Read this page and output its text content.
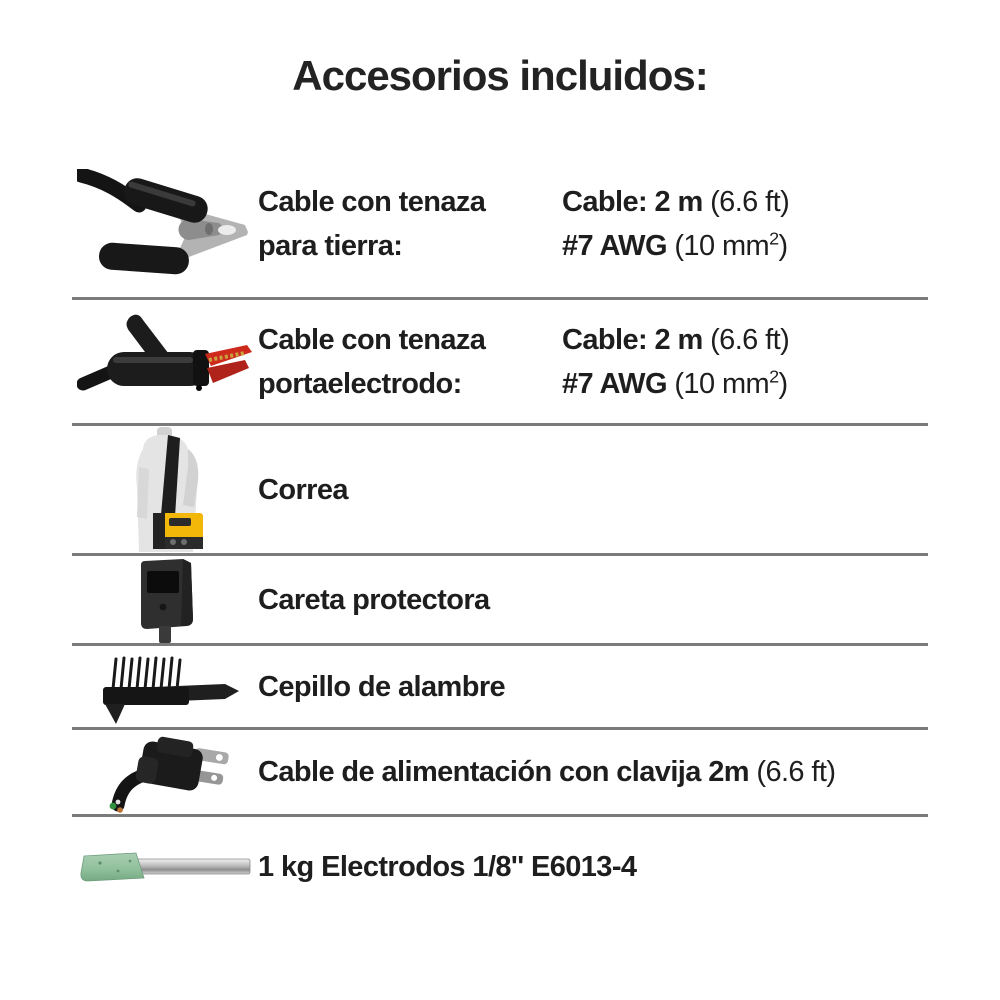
Accesorios incluidos:
Cable con tenaza
para tierra:
Cable: 2 m (6.6 ft)
#7 AWG (10 $mm^2$)
Cable con tenaza
portaelectrodo:
Cable: 2 m (6.6 ft)
#7 AWG (10 $mm^2$)
Correa
Careta protectora
Cepillo de alambre
Cable de alimentación con clavija 2m (6.6 ft)
1 kg Electrodos 1/8'' E6013-4
